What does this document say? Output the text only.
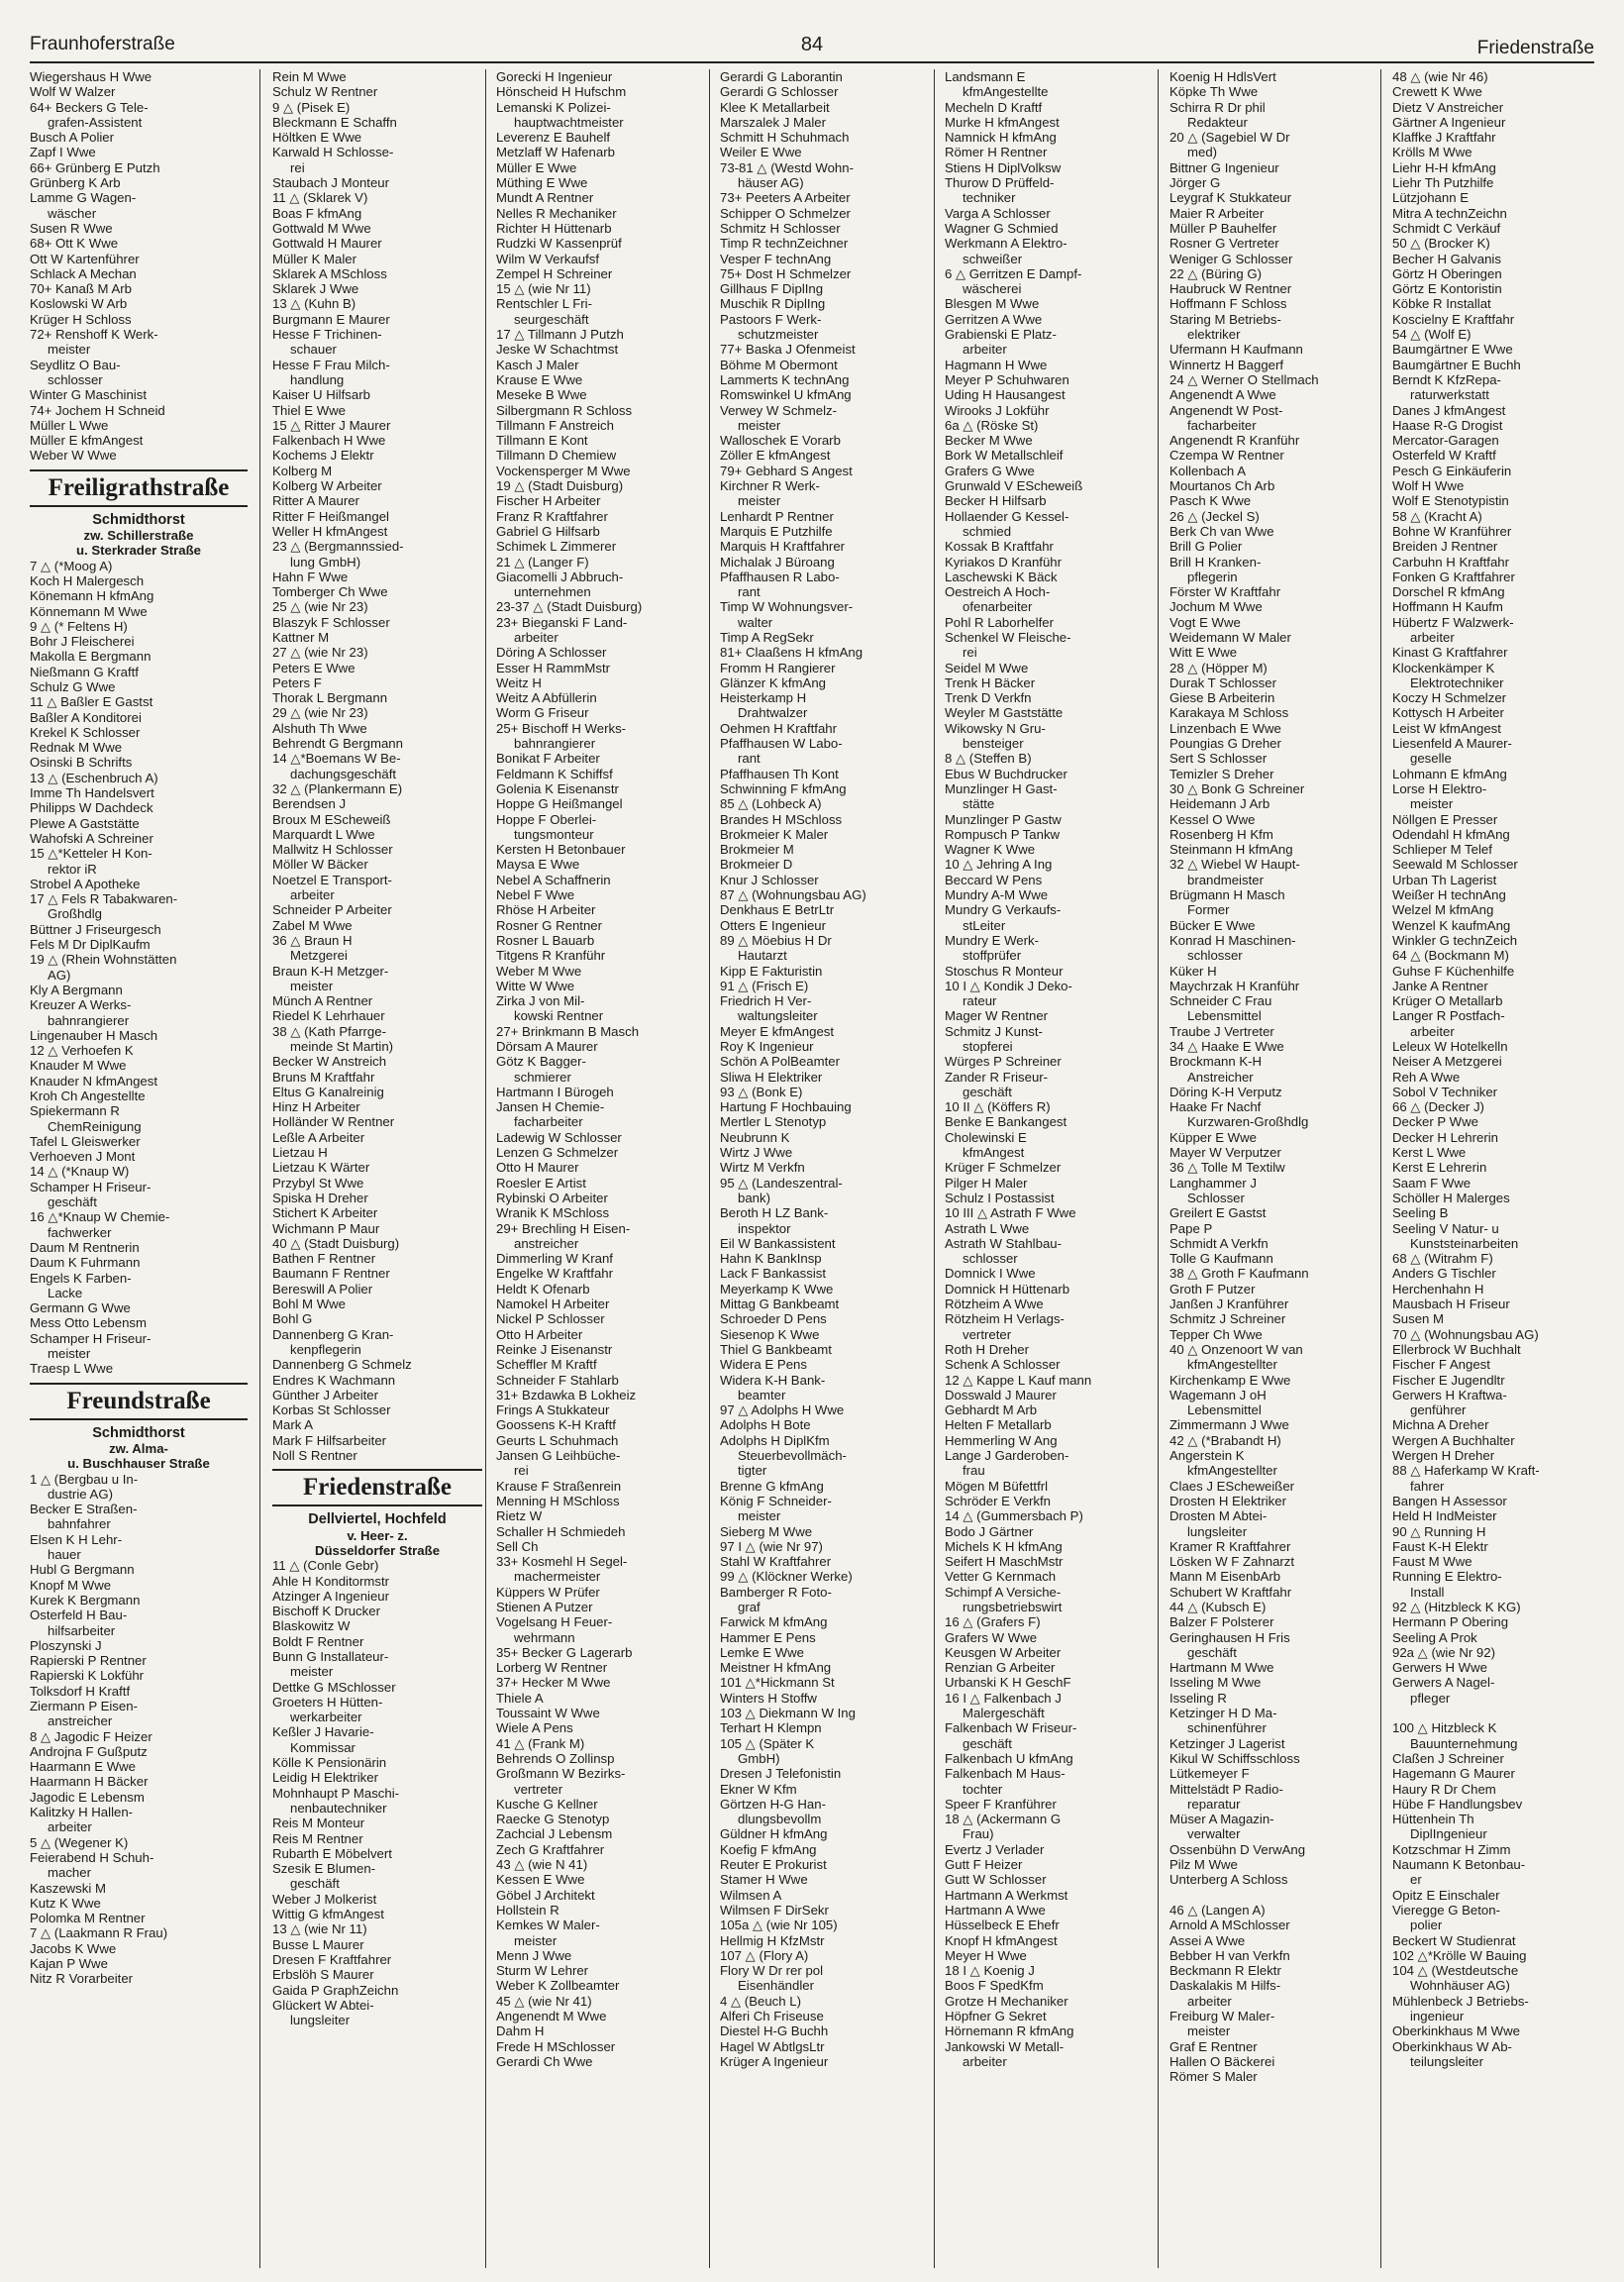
Fraunhoferstraße	84	Friedenstraße
Wiegershaus H Wwe
Wolf W Walzer
64+ Beckers G Tele-
grafen-Assistent
Busch A Polier
Zapf I Wwe
66+ Grünberg E Putzh
Grünberg K Arb
Lamme G Wagen-
wäscher
Susen R Wwe
68+ Ott K Wwe
Ott W Kartenführer
Schlack A Mechan
70+ Kanaß M Arb
Koslowski W Arb
Krüger H Schloss
72+ Renshoff K Werk-
meister
Seydlitz O Bau-
schlosser
Winter G Maschinist
74+ Jochem H Schneid
Müller L Wwe
Müller E kfmAngest
Weber W Wwe
Freiligrathstraße
Schmidthorst
zw. Schillerstraße
u. Sterkrader Straße
7 △ (*Moog A)
Koch H Malergesch
Könemann H kfmAng
Könnemann M Wwe
9 △ (* Feltens H)
Bohr J Fleischerei
Makolla E Bergmann
Nießmann G Kraftf
Schulz G Wwe
11 △ Baßler E Gastst
Baßler A Konditorei
Krekel K Schlosser
Rednak M Wwe
Osinski B Schrifts
13 △ (Eschenbruch A)
Imme Th Handelsvert
Philipps W Dachdeck
Plewe A Gaststätte
Wahofski A Schreiner
15 △*Ketteler H Kon-
rektor iR
Strobel A Apotheke
17 △ Fels R Tabakwaren-
Großhdlg
Büttner J Friseurgesch
Fels M Dr DiplKaufm
19 △ (Rhein Wohnstätten
AG)
Kly A Bergmann
Kreuzer A Werks-
bahnrangierer
Lingenauber H Masch
12 △ Verhoefen K
Knauder M Wwe
Knauder N kfmAngest
Kroh Ch Angestellte
Spiekermann R
ChemReinigung
Tafel L Gleiswerker
Verhoeven J Mont
14 △ (*Knaup W)
Schamper H Friseur-
geschäft
16 △*Knaup W Chemie-
fachwerker
Daum M Rentnerin
Daum K Fuhrmann
Engels K Farben-
Lacke
Germann G Wwe
Mess Otto Lebensm
Schamper H Friseur-
meister
Traesp L Wwe
Freundstraße
Schmidthorst
zw. Alma-
u. Buschhauser Straße
1 △ (Bergbau u In-
dustrie AG)
Becker E Straßen-
bahnfahrer
Elsen K H Lehr-
hauer
Hubl G Bergmann
Knopf M Wwe
Kurek K Bergmann
Osterfeld H Bau-
hilfsarbeiter
Ploszynski J
Rapierski P Rentner
Rapierski K Lokführ
Tolksdorf H Kraftf
Ziermann P Eisen-
anstreicher
8 △ Jagodic F Heizer
Androjna F Gußputz
Haarmann E Wwe
Haarmann H Bäcker
Jagodic E Lebensm
Kalitzky H Hallen-
arbeiter
5 △ (Wegener K)
Feierabend H Schuh-
macher
Kaszewski M
Kutz K Wwe
Polomka M Rentner
7 △ (Laakmann R Frau)
Jacobs K Wwe
Kajan P Wwe
Nitz R Vorarbeiter
Rein M Wwe
Schulz W Rentner
9 △ (Pisek E)
Bleckmann E Schaffn
Höltken E Wwe
Karwald H Schlosse-
rei
Staubach J Monteur
11 △ (Sklarek V)
Boas F kfmAng
Gottwald M Wwe
Gottwald H Maurer
Müller K Maler
Sklarek A MSchloss
Sklarek J Wwe
13 △ (Kuhn B)
Burgmann E Maurer
Hesse F Trichinen-
schauer
Hesse F Frau Milch-
handlung
Kaiser U Hilfsarb
Thiel E Wwe
15 △ Ritter J Maurer
Falkenbach H Wwe
Kochems J Elektr
Kolberg M
Kolberg W Arbeiter
Ritter A Maurer
Ritter F Heißmangel
Weller H kfmAngest
23 △ (Bergmannssied-
lung GmbH)
Hahn F Wwe
Tomberger Ch Wwe
25 △ (wie Nr 23)
Blaszyk F Schlosser
Kattner M
27 △ (wie Nr 23)
Peters E Wwe
Peters F
Thorak L Bergmann
29 △ (wie Nr 23)
Alshuth Th Wwe
Behrendt G Bergmann
14 △*Boemans W Be-
dachungsgeschäft
32 △ (Plankermann E)
Berendsen J
Broux M EScheweiß
Marquardt L Wwe
Mallwitz H Schlosser
Möller W Bäcker
Noetzel E Transport-
arbeiter
Schneider P Arbeiter
Zabel M Wwe
36 △ Braun H
Metzgerei
Braun K-H Metzger-
meister
Münch A Rentner
Riedel K Lehrhauer
38 △ (Kath Pfarrge-
meinde St Martin)
Becker W Anstreich
Bruns M Kraftfahr
Eltus G Kanalreinig
Hinz H Arbeiter
Holländer W Rentner
Leßle A Arbeiter
Lietzau H
Lietzau K Wärter
Przybyl St Wwe
Spiska H Dreher
Stichert K Arbeiter
Wichmann P Maur
40 △ (Stadt Duisburg)
Bathen F Rentner
Baumann F Rentner
Bereswill A Polier
Bohl M Wwe
Bohl G
Dannenberg G Kran-
kenpflegerin
Dannenberg G Schmelz
Endres K Wachmann
Günther J Arbeiter
Korbas St Schlosser
Mark A
Mark F Hilfsarbeiter
Noll S Rentner
Friedenstraße
Dellviertel, Hochfeld
v. Heer- z.
Düsseldorfer Straße
11 △ (Conle Gebr)
Ahle H Konditormstr
Atzinger A Ingenieur
Bischoff K Drucker
Blaskowitz W
Boldt F Rentner
Bunn G Installateur-
meister
Dettke G MSchlosser
Groeters H Hütten-
werkarbeiter
Keßler J Havarie-
Kommissar
Kölle K Pensionärin
Leidig H Elektriker
Mohnhaupt P Maschi-
nenbautechniker
Reis M Monteur
Reis M Rentner
Rubarth E Möbelvert
Szesik E Blumen-
geschäft
Weber J Molkerist
Wittig G kfmAngest
13 △ (wie Nr 11)
Busse L Maurer
Dresen F Kraftfahrer
Erbslöh S Maurer
Gaida P GraphZeichn
Glückert W Abtei-
lungsleiter
Gorecki H Ingenieur
Hönscheid H Hufschm
Lemanski K Polizei-
hauptwachtmeister
Leverenz E Bauhelf
Metzlaff W Hafenarb
Müller E Wwe
Müthing E Wwe
Mundt A Rentner
Nelles R Mechaniker
Richter H Hüttenarb
Rudzki W Kassenprüf
Wilm W Verkaufsf
Zempel H Schreiner
15 △ (wie Nr 11)
Rentschler L Fri-
seurgeschäft
17 △ Tillmann J Putzh
Jeske W Schachtmst
Kasch J Maler
Krause E Wwe
Meseke B Wwe
Silbergmann R Schloss
Tillmann F Anstreich
Tillmann E Kont
Tillmann D Chemiew
Vockensperger M Wwe
19 △ (Stadt Duisburg)
Fischer H Arbeiter
Franz R Kraftfahrer
Gabriel G Hilfsarb
Schimek L Zimmerer
21 △ (Langer F)
Giacomelli J Abbruch-
unternehmen
23-37 △ (Stadt Duisburg)
23+ Bieganski F Land-
arbeiter
Döring A Schlosser
Esser H RammMstr
Weitz H
Weitz A Abfüllerin
Worm G Friseur
25+ Bischoff H Werks-
bahnrangierer
Bonikat F Arbeiter
Feldmann K Schiffsf
Golenia K Eisenanstr
Hoppe G Heißmangel
Hoppe F Oberlei-
tungsmonteur
Kersten H Betonbauer
Maysa E Wwe
Nebel A Schaffnerin
Nebel F Wwe
Rhöse H Arbeiter
Rosner G Rentner
Rosner L Bauarb
Titgens R Kranführ
Weber M Wwe
Witte W Wwe
Zirka J von Mil-
kowski Rentner
27+ Brinkmann B Masch
Dörsam A Maurer
Götz K Bagger-
schmierer
Hartmann I Bürogeh
Jansen H Chemie-
facharbeiter
Ladewig W Schlosser
Lenzen G Schmelzer
Otto H Maurer
Roesler E Artist
Rybinski O Arbeiter
Wranik K MSchloss
29+ Brechling H Eisen-
anstreicher
Dimmerling W Kranf
Engelke W Kraftfahr
Heldt K Ofenarb
Namokel H Arbeiter
Nickel P Schlosser
Otto H Arbeiter
Reinke J Eisenanstr
Scheffler M Kraftf
Schneider F Stahlarb
31+ Bzdawka B Lokheiz
Frings A Stukkateur
Goossens K-H Kraftf
Geurts L Schuhmach
Jansen G Leihbüche-
rei
Krause F Straßenrein
Menning H MSchloss
Rietz W
Schaller H Schmiedeh
Sell Ch
33+ Kosmehl H Segel-
machermeister
Küppers W Prüfer
Stienen A Putzer
Vogelsang H Feuer-
wehrmann
35+ Becker G Lagerarb
Lorberg W Rentner
37+ Hecker M Wwe
Thiele A
Toussaint W Wwe
Wiele A Pens
41 △ (Frank M)
Behrends O Zollinsp
Großmann W Bezirks-
vertreter
Kusche G Kellner
Raecke G Stenotyp
Zachcial J Lebensm
Zech G Kraftfahrer
43 △ (wie N 41)
Kessen E Wwe
Göbel J Architekt
Hollstein R
Kemkes W Maler-
meister
Menn J Wwe
Sturm W Lehrer
Weber K Zollbeamter
45 △ (wie Nr 41)
Angenendt M Wwe
Dahm H
Frede H MSchlosser
Gerardi Ch Wwe
Gerardi G Laborantin
Gerardi G Schlosser
Klee K Metallarbeit
Marszalek J Maler
Schmitt H Schuhmach
Weiler E Wwe
73-81 △ (Westd Wohn-
häuser AG)
73+ Peeters A Arbeiter
Schipper O Schmelzer
Schmitz H Schlosser
Timp R technZeichner
Vesper F technAng
75+ Dost H Schmelzer
Gillhaus F DiplIng
Muschik R DiplIng
Pastoors F Werk-
schutzmeister
77+ Baska J Ofenmeist
Böhme M Obermont
Lammerts K technAng
Romswinkel U kfmAng
Verwey W Schmelz-
meister
Walloschek E Vorarb
Zöller E kfmAngest
79+ Gebhard S Angest
Kirchner R Werk-
meister
Lenhardt P Rentner
Marquis E Putzhilfe
Marquis H Kraftfahrer
Michalak J Büroang
Pfaffhausen R Labo-
rant
Timp W Wohnungsver-
walter
Timp A RegSekr
81+ Claaßens H kfmAng
Fromm H Rangierer
Glänzer K kfmAng
Heisterkamp H
Drahtwalzer
Oehmen H Kraftfahr
Pfaffhausen W Labo-
rant
Pfaffhausen Th Kont
Schwinning F kfmAng
85 △ (Lohbeck A)
Brandes H MSchloss
Brokmeier K Maler
Brokmeier M
Brokmeier D
Knur J Schlosser
87 △ (Wohnungsbau AG)
Denkhaus E BetrLtr
Otters E Ingenieur
89 △ Möebius H Dr
Hautarzt
Kipp E Fakturistin
91 △ (Frisch E)
Friedrich H Ver-
waltungsleiter
Meyer E kfmAngest
Roy K Ingenieur
Schön A PolBeamter
Sliwa H Elektriker
93 △ (Bonk E)
Hartung F Hochbauing
Mertler L Stenotyp
Neubrunn K
Wirtz J Wwe
Wirtz M Verkfn
95 △ (Landeszentral-
bank)
Beroth H LZ Bank-
inspektor
Eil W Bankassistent
Hahn K BankInsp
Lack F Bankassist
Meyerkamp K Wwe
Mittag G Bankbeamt
Schroeder D Pens
Siesenop K Wwe
Thiel G Bankbeamt
Widera E Pens
Widera K-H Bank-
beamter
97 △ Adolphs H Wwe
Adolphs H Bote
Adolphs H DiplKfm
Steuerbevollmäch-
tigter
Brenne G kfmAng
König F Schneider-
meister
Sieberg M Wwe
97 I △ (wie Nr 97)
Stahl W Kraftfahrer
99 △ (Klöckner Werke)
Bamberger R Foto-
graf
Farwick M kfmAng
Hammer E Pens
Lemke E Wwe
Meistner H kfmAng
101 △*Hickmann St
Winters H Stoffw
103 △ Diekmann W Ing
Terhart H Klempn
105 △ (Später K
GmbH)
Dresen J Telefonistin
Ekner W Kfm
Görtzen H-G Han-
dlungsbevollm
Güldner H kfmAng
Koefig F kfmAng
Reuter E Prokurist
Stamer H Wwe
Wilmsen A
Wilmsen F DirSekr
105a △ (wie Nr 105)
Hellmig H KfzMstr
107 △ (Flory A)
Flory W Dr rer pol
Eisenhändler
4 △ (Beuch L)
Alferi Ch Friseuse
Diestel H-G Buchh
Hagel W AbtlgsLtr
Krüger A Ingenieur
Landsmann E
kfmAngestellte
Mecheln D Kraftf
Murke H kfmAngest
Namnick H kfmAng
Römer H Rentner
Stiens H DiplVolksw
Thurow D Prüffeld-
techniker
Varga A Schlosser
Wagner G Schmied
Werkmann A Elektro-
schweißer
6 △ Gerritzen E Dampf-
wäscherei
Blesgen M Wwe
Gerritzen A Wwe
Grabienski E Platz-
arbeiter
Hagmann H Wwe
Meyer P Schuhwaren
Uding H Hausangest
Wirooks J Lokführ
6a △ (Röske St)
Becker M Wwe
Bork W Metallschleif
Grafers G Wwe
Grunwald V EScheweiß
Becker H Hilfsarb
Hollaender G Kessel-
schmied
Kossak B Kraftfahr
Kyriakos D Kranführ
Laschewski K Bäck
Oestreich A Hoch-
ofenarbeiter
Pohl R Laborhelfer
Schenkel W Fleische-
rei
Seidel M Wwe
Trenk H Bäcker
Trenk D Verkfn
Weyler M Gaststätte
Wikowsky N Gru-
bensteiger
8 △ (Steffen B)
Ebus W Buchdrucker
Munzlinger H Gast-
stätte
Munzlinger P Gastw
Rompusch P Tankw
Wagner K Wwe
10 △ Jehring A Ing
Beccard W Pens
Mundry A-M Wwe
Mundry G Verkaufs-
stLeiter
Mundry E Werk-
stoffprüfer
Stoschus R Monteur
10 I △ Kondik J Deko-
rateur
Mager W Rentner
Schmitz J Kunst-
stopferei
Würges P Schreiner
Zander R Friseur-
geschäft
10 II △ (Köffers R)
Benke E Bankangest
Cholewinski E
kfmAngest
Krüger F Schmelzer
Pilger H Maler
Schulz I Postassist
10 III △ Astrath F Wwe
Astrath L Wwe
Astrath W Stahlbau-
schlosser
Domnick I Wwe
Domnick H Hüttenarb
Rötzheim A Wwe
Rötzheim H Verlags-
vertreter
Roth H Dreher
Schenk A Schlosser
12 △ Kappe L Kauf mann
Dosswald J Maurer
Gebhardt M Arb
Helten F Metallarb
Hemmerling W Ang
Lange J Garderoben-
frau
Mögen M Büfettfrl
Schröder E Verkfn
14 △ (Gummersbach P)
Bodo J Gärtner
Michels K H kfmAng
Seifert H MaschMstr
Vetter G Kernmach
Schimpf A Versiche-
rungsbetriebswirt
16 △ (Grafers F)
Grafers W Wwe
Keusgen W Arbeiter
Renzian G Arbeiter
Urbanski K H GeschF
16 I △ Falkenbach J
Malergeschäft
Falkenbach W Friseur-
geschäft
Falkenbach U kfmAng
Falkenbach M Haus-
tochter
Speer F Kranführer
18 △ (Ackermann G
Frau)
Evertz J Verlader
Gutt F Heizer
Gutt W Schlosser
Hartmann A Werkmst
Hartmann A Wwe
Hüsselbeck E Ehefr
Knopf H kfmAngest
Meyer H Wwe
18 I △ Koenig J
Boos F SpedKfm
Grotze H Mechaniker
Höpfner G Sekret
Hörnemann R kfmAng
Jankowski W Metall-
arbeiter
Koenig H HdlsVert
Köpke Th Wwe
Schirra R Dr phil
Redakteur
20 △ (Sagebiel W Dr
med)
Bittner G Ingenieur
Jörger G
Leygraf K Stukkateur
Maier R Arbeiter
Müller P Bauhelfer
Rosner G Vertreter
Weniger G Schlosser
22 △ (Büring G)
Haubruck W Rentner
Hoffmann F Schloss
Staring M Betriebs-
elektriker
Ufermann H Kaufmann
Winnertz H Baggerf
24 △ Werner O Stellmach
Angenendt A Wwe
Angenendt W Post-
facharbeiter
Angenendt R Kranführ
Czempa W Rentner
Kollenbach A
Mourtanos Ch Arb
Pasch K Wwe
26 △ (Jeckel S)
Berk Ch van Wwe
Brill G Polier
Brill H Kranken-
pflegerin
Förster W Kraftfahr
Jochum M Wwe
Vogt E Wwe
Weidemann W Maler
Witt E Wwe
28 △ (Höpper M)
Durak T Schlosser
Giese B Arbeiterin
Karakaya M Schloss
Linzenbach E Wwe
Poungias G Dreher
Sert S Schlosser
Temizler S Dreher
30 △ Bonk G Schreiner
Heidemann J Arb
Kessel O Wwe
Rosenberg H Kfm
Steinmann H kfmAng
32 △ Wiebel W Haupt-
brandmeister
Brügmann H Masch
Former
Bücker E Wwe
Konrad H Maschinen-
schlosser
Küker H
Maychrzak H Kranführ
Schneider C Frau
Lebensmittel
Traube J Vertreter
34 △ Haake E Wwe
Brockmann K-H
Anstreicher
Döring K-H Verputz
Haake Fr Nachf
Kurzwaren-Großhdlg
Küpper E Wwe
Mayer W Verputzer
36 △ Tolle M Textilw
Langhammer J
Schlosser
Greilert E Gastst
Pape P
Schmidt A Verkfn
Tolle G Kaufmann
38 △ Groth F Kaufmann
Groth F Putzer
Janßen J Kranführer
Schmitz J Schreiner
Tepper Ch Wwe
40 △ Onzenoort W van
kfmAngestellter
Kirchenkamp E Wwe
Wagemann J oH
Lebensmittel
Zimmermann J Wwe
42 △ (*Brabandt H)
Angerstein K
kfmAngestellter
Claes J EScheweißer
Drosten H Elektriker
Drosten M Abtei-
lungsleiter
Kramer R Kraftfahrer
Lösken W F Zahnarzt
Mann M EisenbArb
Schubert W Kraftfahr
44 △ (Kubsch E)
Balzer F Polsterer
Geringhausen H Fris
geschäft
Hartmann M Wwe
Isseling M Wwe
Isseling R
Ketzinger H D Ma-
schinenführer
Ketzinger J Lagerist
Kikul W Schiffsschloss
Lütkemeyer F
Mittelstädt P Radio-
reparatur
Müser A Magazin-
verwalter
Ossenbühn D VerwAng
Pilz M Wwe
Unterberg A Schloss

46 △ (Langen A)
Arnold A MSchlosser
Assei A Wwe
Bebber H van Verkfn
Beckmann R Elektr
Daskalakis M Hilfs-
arbeiter
Freiburg W Maler-
meister
Graf E Rentner
Hallen O Bäckerei
Römer S Maler
48 △ (wie Nr 46)
Crewett K Wwe
Dietz V Anstreicher
Gärtner A Ingenieur
Klaffke J Kraftfahr
Krölls M Wwe
Liehr H-H kfmAng
Liehr Th Putzhilfe
Lützjohann E
Mitra A technZeichn
Schmidt C Verkäuf
50 △ (Brocker K)
Becher H Galvanis
Görtz H Oberingen
Görtz E Kontoristin
Köbke R Installat
Koscielny E Kraftfahr
54 △ (Wolf E)
Baumgärtner E Wwe
Baumgärtner E Buchh
Berndt K KfzRepa-
raturwerkstatt
Danes J kfmAngest
Haase R-G Drogist
Mercator-Garagen
Osterfeld W Kraftf
Pesch G Einkäuferin
Wolf H Wwe
Wolf E Stenotypistin
58 △ (Kracht A)
Bohne W Kranführer
Breiden J Rentner
Carbuhn H Kraftfahr
Fonken G Kraftfahrer
Dorschel R kfmAng
Hoffmann H Kaufm
Hübertz F Walzwerk-
arbeiter
Kinast G Kraftfahrer
Klockenkämper K
Elektrotechniker
Koczy H Schmelzer
Kottysch H Arbeiter
Leist W kfmAngest
Liesenfeld A Maurer-
geselle
Lohmann E kfmAng
Lorse H Elektro-
meister
Nöllgen E Presser
Odendahl H kfmAng
Schlieper M Telef
Seewald M Schlosser
Urban Th Lagerist
Weißer H technAng
Welzel M kfmAng
Wenzel K kaufmAng
Winkler G technZeich
64 △ (Bockmann M)
Guhse F Küchenhilfe
Janke A Rentner
Krüger O Metallarb
Langer R Postfach-
arbeiter
Leleux W Hotelkelln
Neiser A Metzgerei
Reh A Wwe
Sobol V Techniker
66 △ (Decker J)
Decker P Wwe
Decker H Lehrerin
Kerst L Wwe
Kerst E Lehrerin
Saam F Wwe
Schöller H Malerges
Seeling B
Seeling V Natur- u
Kunststeinarbeiten
68 △ (Witrahm F)
Anders G Tischler
Herchenhahn H
Mausbach H Friseur
Susen M
70 △ (Wohnungsbau AG)
Ellerbrock W Buchhalt
Fischer F Angest
Fischer E Jugendltr
Gerwers H Kraftwa-
genführer
Michna A Dreher
Wergen A Buchhalter
Wergen H Dreher
88 △ Haferkamp W Kraft-
fahrer
Bangen H Assessor
Held H IndMeister
90 △ Running H
Faust K-H Elektr
Faust M Wwe
Running E Elektro-
Install
92 △ (Hitzbleck K KG)
Hermann P Obering
Seeling A Prok
92a △ (wie Nr 92)
Gerwers H Wwe
Gerwers A Nagel-
pfleger

100 △ Hitzbleck K
Bauunternehmung
Claßen J Schreiner
Hagemann G Maurer
Haury R Dr Chem
Hübe F Handlungsbev
Hüttenhein Th
DiplIngenieur
Kotzschmar H Zimm
Naumann K Betonbau-
er
Opitz E Einschaler
Vieregge G Beton-
polier
Beckert W Studienrat
102 △*Krölle W Bauing
104 △ (Westdeutsche
Wohnhäuser AG)
Mühlenbeck J Betriebs-
ingenieur
Oberkinkhaus M Wwe
Oberkinkhaus W Ab-
teilungsleiter
